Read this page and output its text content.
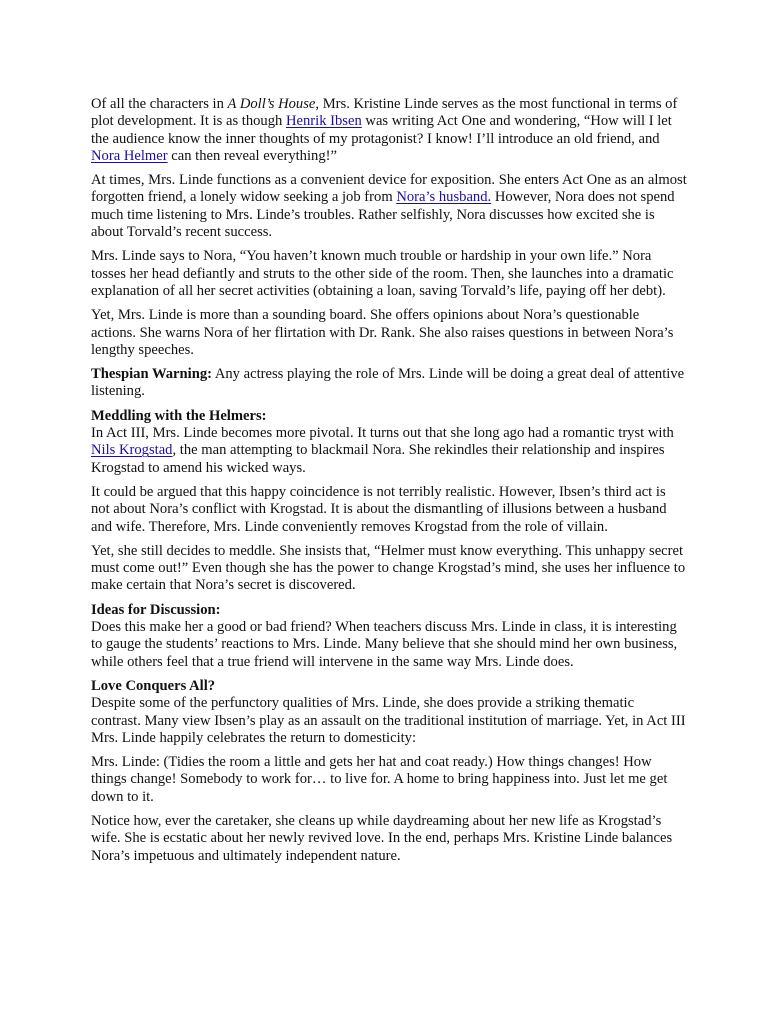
Of all the characters in A Doll’s House, Mrs. Kristine Linde serves as the most functional in terms of plot development. It is as though Henrik Ibsen was writing Act One and wondering, “How will I let the audience know the inner thoughts of my protagonist? I know! I’ll introduce an old friend, and Nora Helmer can then reveal everything!”

At times, Mrs. Linde functions as a convenient device for exposition. She enters Act One as an almost forgotten friend, a lonely widow seeking a job from Nora’s husband. However, Nora does not spend much time listening to Mrs. Linde’s troubles. Rather selfishly, Nora discusses how excited she is about Torvald’s recent success.

Mrs. Linde says to Nora, “You haven’t known much trouble or hardship in your own life.” Nora tosses her head defiantly and struts to the other side of the room. Then, she launches into a dramatic explanation of all her secret activities (obtaining a loan, saving Torvald’s life, paying off her debt).

Yet, Mrs. Linde is more than a sounding board. She offers opinions about Nora’s questionable actions. She warns Nora of her flirtation with Dr. Rank. She also raises questions in between Nora’s lengthy speeches.

Thespian Warning: Any actress playing the role of Mrs. Linde will be doing a great deal of attentive listening.

Meddling with the Helmers:
In Act III, Mrs. Linde becomes more pivotal. It turns out that she long ago had a romantic tryst with Nils Krogstad, the man attempting to blackmail Nora. She rekindles their relationship and inspires Krogstad to amend his wicked ways.

It could be argued that this happy coincidence is not terribly realistic. However, Ibsen’s third act is not about Nora’s conflict with Krogstad. It is about the dismantling of illusions between a husband and wife. Therefore, Mrs. Linde conveniently removes Krogstad from the role of villain.

Yet, she still decides to meddle. She insists that, “Helmer must know everything. This unhappy secret must come out!” Even though she has the power to change Krogstad’s mind, she uses her influence to make certain that Nora’s secret is discovered.

Ideas for Discussion:
Does this make her a good or bad friend? When teachers discuss Mrs. Linde in class, it is interesting to gauge the students’ reactions to Mrs. Linde. Many believe that she should mind her own business, while others feel that a true friend will intervene in the same way Mrs. Linde does.

Love Conquers All?
Despite some of the perfunctory qualities of Mrs. Linde, she does provide a striking thematic contrast. Many view Ibsen’s play as an assault on the traditional institution of marriage. Yet, in Act III Mrs. Linde happily celebrates the return to domesticity:

Mrs. Linde: (Tidies the room a little and gets her hat and coat ready.) How things changes! How things change! Somebody to work for… to live for. A home to bring happiness into. Just let me get down to it.

Notice how, ever the caretaker, she cleans up while daydreaming about her new life as Krogstad’s wife. She is ecstatic about her newly revived love. In the end, perhaps Mrs. Kristine Linde balances Nora’s impetuous and ultimately independent nature.
